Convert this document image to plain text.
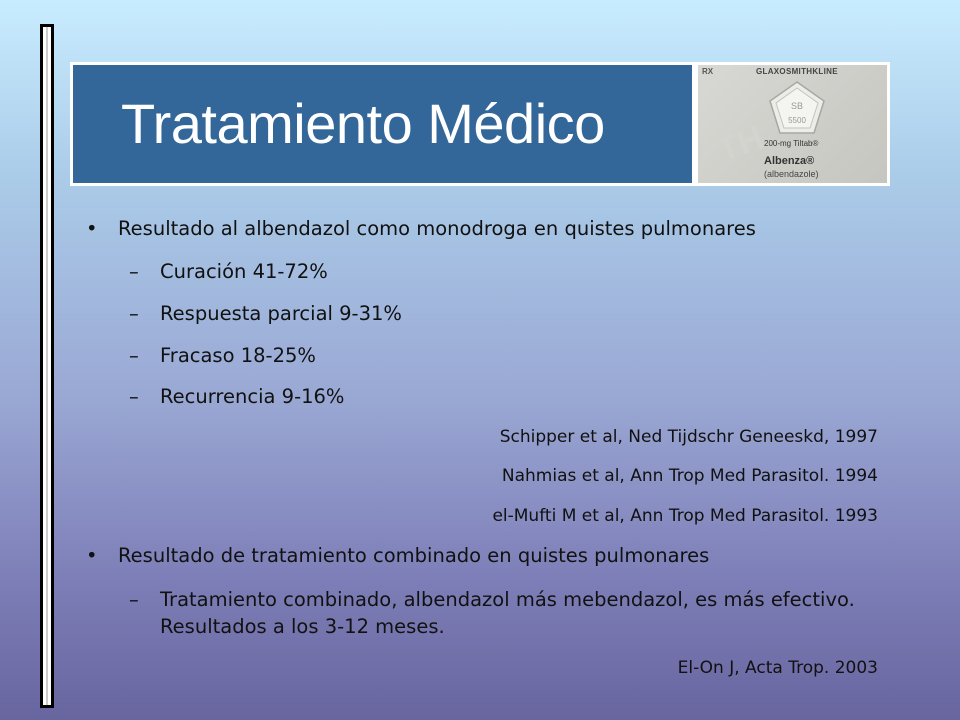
Tratamiento Médico	TH
RX	GLAXOSMITHKLINE
SB
5500
200-mg Tiltab®
Albenza®
(albendazole)
• Resultado al albendazol como monodroga en quistes pulmonares
– Curación 41-72%
– Respuesta parcial 9-31%
– Fracaso 18-25%
– Recurrencia 9-16%
Schipper et al, Ned Tijdschr Geneeskd, 1997
Nahmias et al, Ann Trop Med Parasitol. 1994
el-Mufti M et al, Ann Trop Med Parasitol. 1993
• Resultado de tratamiento combinado en quistes pulmonares
– Tratamiento combinado, albendazol más mebendazol, es más efectivo. Resultados a los 3-12 meses.
El-On J, Acta Trop. 2003
